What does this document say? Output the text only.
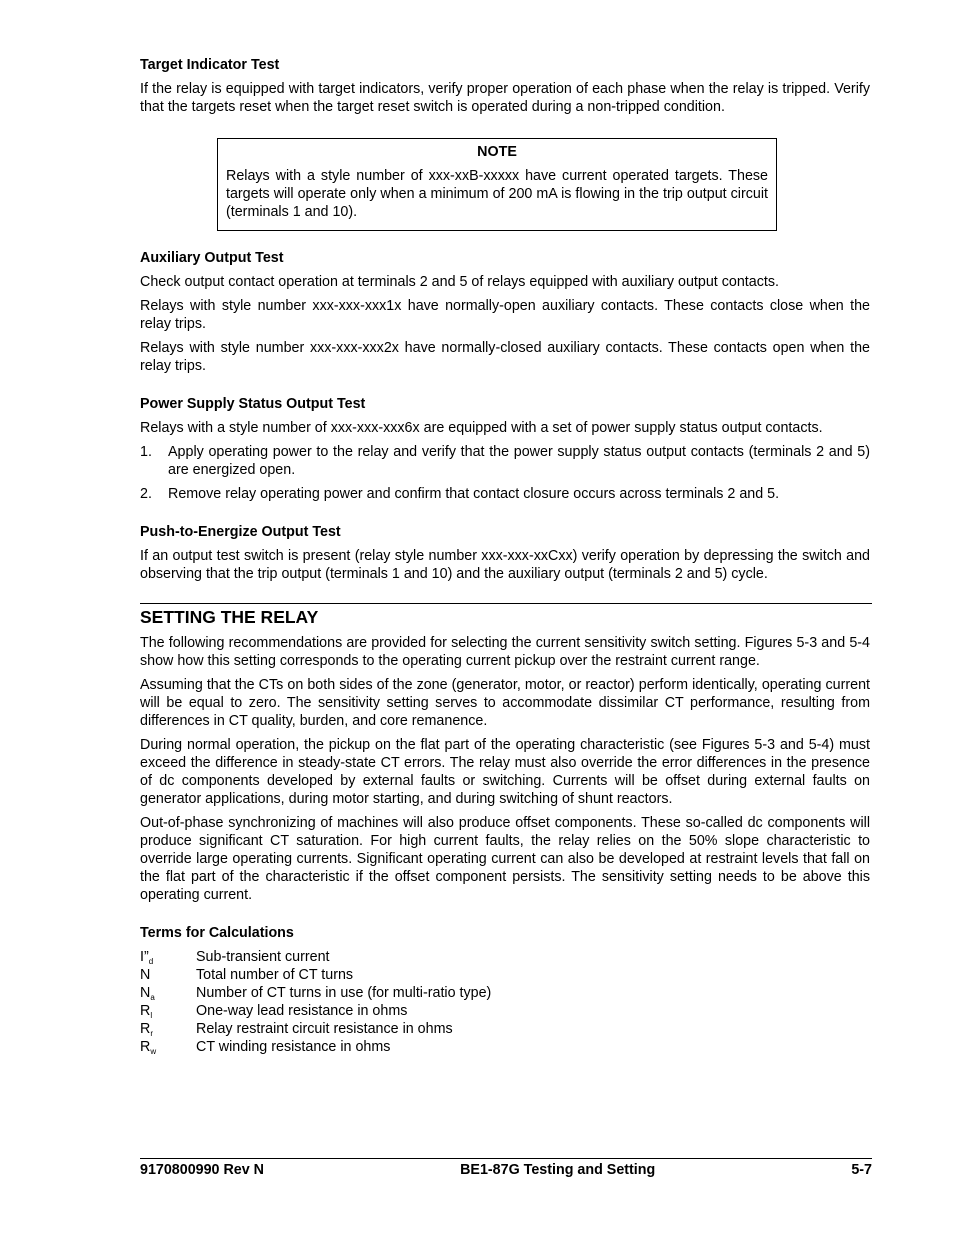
Target Indicator Test
If the relay is equipped with target indicators, verify proper operation of each phase when the relay is tripped. Verify that the targets reset when the target reset switch is operated during a non-tripped condition.
NOTE
Relays with a style number of xxx-xxB-xxxxx have current operated targets. These targets will operate only when a minimum of 200 mA is flowing in the trip output circuit (terminals 1 and 10).
Auxiliary Output Test
Check output contact operation at terminals 2 and 5 of relays equipped with auxiliary output contacts.
Relays with style number xxx-xxx-xxx1x have normally-open auxiliary contacts. These contacts close when the relay trips.
Relays with style number xxx-xxx-xxx2x have normally-closed auxiliary contacts. These contacts open when the relay trips.
Power Supply Status Output Test
Relays with a style number of xxx-xxx-xxx6x are equipped with a set of power supply status output contacts.
1.	Apply operating power to the relay and verify that the power supply status output contacts (terminals 2 and 5) are energized open.
2.	Remove relay operating power and confirm that contact closure occurs across terminals 2 and 5.
Push-to-Energize Output Test
If an output test switch is present (relay style number xxx-xxx-xxCxx) verify operation by depressing the switch and observing that the trip output (terminals 1 and 10) and the auxiliary output (terminals 2 and 5) cycle.
SETTING THE RELAY
The following recommendations are provided for selecting the current sensitivity switch setting. Figures 5-3 and 5-4 show how this setting corresponds to the operating current pickup over the restraint current range.
Assuming that the CTs on both sides of the zone (generator, motor, or reactor) perform identically, operating current will be equal to zero. The sensitivity setting serves to accommodate dissimilar CT performance, resulting from differences in CT quality, burden, and core remanence.
During normal operation, the pickup on the flat part of the operating characteristic (see Figures 5-3 and 5-4) must exceed the difference in steady-state CT errors. The relay must also override the error differences in the presence of dc components developed by external faults or switching. Currents will be offset during external faults on generator applications, during motor starting, and during switching of shunt reactors.
Out-of-phase synchronizing of machines will also produce offset components. These so-called dc components will produce significant CT saturation. For high current faults, the relay relies on the 50% slope characteristic to override large operating currents. Significant operating current can also be developed at restraint levels that fall on the flat part of the characteristic if the offset component persists. The sensitivity setting needs to be above this operating current.
Terms for Calculations
$I”_d$	Sub-transient current
N	Total number of CT turns
$N_a$	Number of CT turns in use (for multi-ratio type)
$R_l$	One-way lead resistance in ohms
$R_r$	Relay restraint circuit resistance in ohms
$R_w$	CT winding resistance in ohms
9170800990 Rev N	BE1-87G Testing and Setting	5-7
